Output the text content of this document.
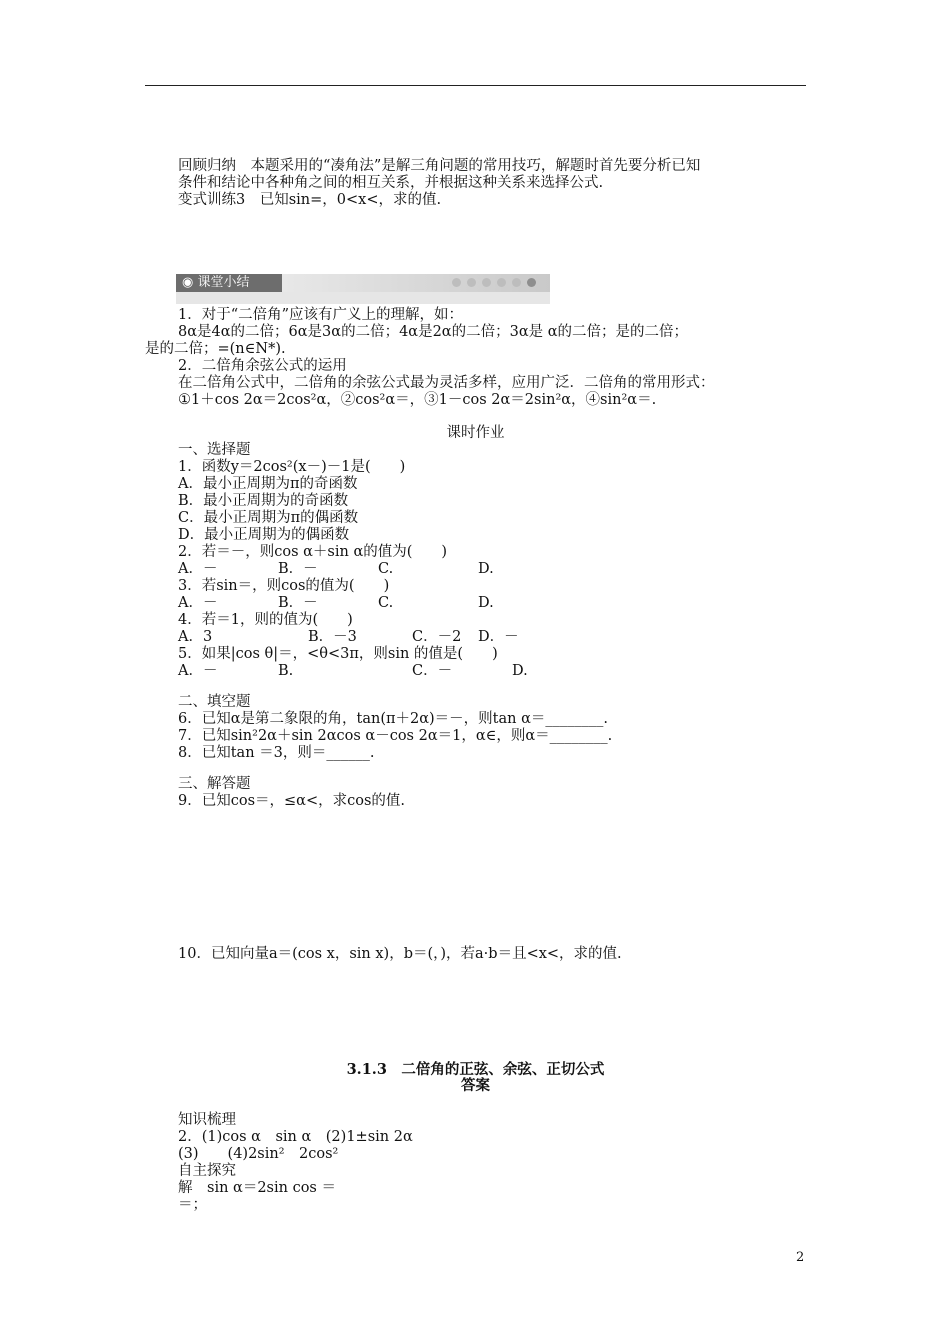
回顾归纳　本题采用的“凑角法”是解三角问题的常用技巧，解题时首先要分析已知
条件和结论中各种角之间的相互关系，并根据这种关系来选择公式.
变式训练3　已知sin=，0<x<，求的值.
◉ 课堂小结
1．对于“二倍角”应该有广义上的理解，如：
8α是4α的二倍；6α是3α的二倍；4α是2α的二倍；3α是 α的二倍；是的二倍；
是的二倍；=(n∈N*).
2．二倍角余弦公式的运用
在二倍角公式中，二倍角的余弦公式最为灵活多样，应用广泛．二倍角的常用形式：
①1＋cos 2α＝2cos²α，②cos²α＝，③1－cos 2α＝2sin²α，④sin²α＝.
课时作业
一、选择题
1．函数y＝2cos²(x－)－1是(　　)
A．最小正周期为π的奇函数
B．最小正周期为的奇函数
C．最小正周期为π的偶函数
D．最小正周期为的偶函数
2．若＝－，则cos α＋sin α的值为(　　)
A．－	B．－	C.	D.
3．若sin＝，则cos的值为(　　)
A．－	B．－	C.	D.
4．若＝1，则的值为(　　)
A．3	B．－3	C．－2 D．－
5．如果|cos θ|＝，<θ<3π，则sin 的值是(　　)
A．－	B.	C．－	D.
二、填空题
6．已知α是第二象限的角，tan(π＋2α)＝－，则tan α＝________.
7．已知sin²2α＋sin 2αcos α－cos 2α＝1，α∈，则α＝________.
8．已知tan ＝3，则＝______.
三、解答题
9．已知cos＝，≤α<，求cos的值.
10．已知向量a＝(cos x，sin x)，b＝(，)，若a·b＝且<x<，求的值.
3.1.3　二倍角的正弦、余弦、正切公式
答案
知识梳理
2．(1)cos α　sin α　(2)1±sin 2α
(3)　　(4)2sin²　2cos²
自主探究
解　sin α＝2sin cos ＝
＝；
2
